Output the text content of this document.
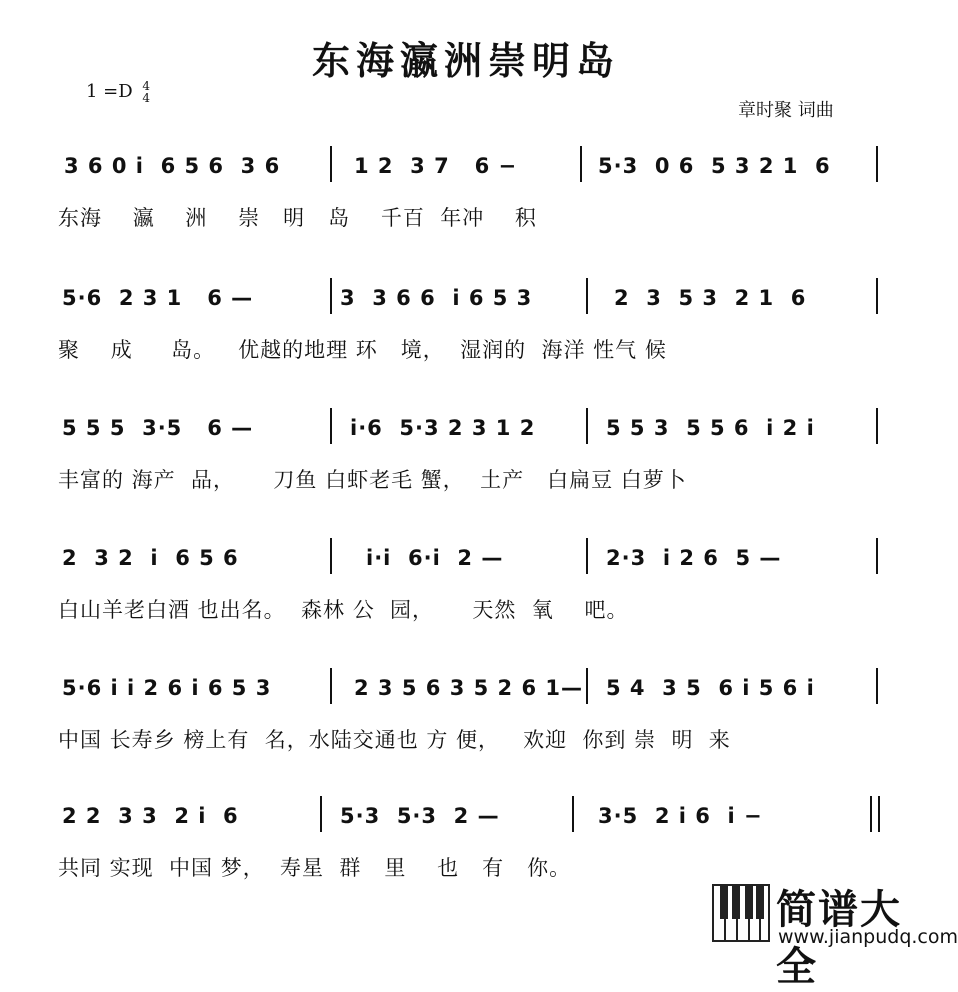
东海瀛洲崇明岛
1 =D 4
4
章时聚 词曲

3 6 0 i  6 5 6  3 6

	1 2  3 7   6 −

	5·3  0 6  5 3 2 1  6

东海    瀛    洲    崇   明   岛    千百  年冲    积

5·6  2 3 1   6 —

	3  3 6 6  i 6 5 3

	2  3  5 3  2 1  6

聚    成     岛。   优越的地理 环   境，  湿润的  海洋 性气 候

5 5 5  3·5   6 —

	i·6  5·3 2 3 1 2

	5 5 3  5 5 6  i 2 i

丰富的 海产  品，     刀鱼 白虾老毛 蟹，  土产   白扁豆 白萝卜

2  3 2  i  6 5 6

	i·i  6·i  2 —

	2·3  i 2 6  5 —

白山羊老白酒 也出名。  森林 公  园，     天然  氧    吧。

5·6 i i 2 6 i 6 5 3

	2 3 5 6 3 5 2 6 1—

5 4  3 5  6 i 5 6 i

中国 长寿乡 榜上有  名，水陆交通也 方 便，   欢迎  你到 崇  明  来

2 2  3 3  2 i  6

	5·3  5·3  2 —

	3·5  2 i 6  i −

共同 实现  中国 梦，  寿星  群   里    也   有   你。
简谱大全
www.jianpudq.com
